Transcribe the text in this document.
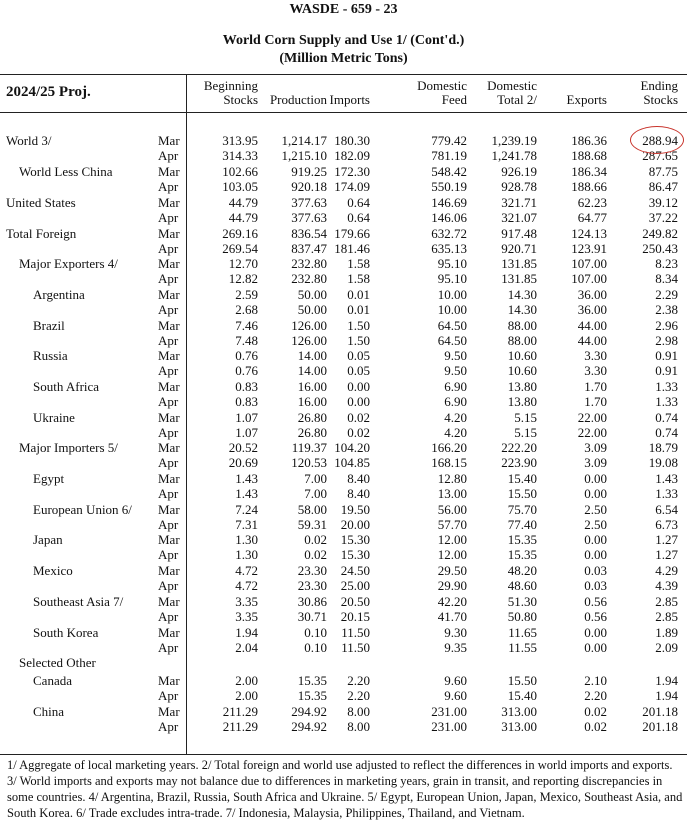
WASDE - 659 - 23
World Corn Supply and Use 1/ (Cont'd.)
(Million Metric Tons)
2024/25 Proj.	Beginning
Stocks Production Imports
Domestic
Feed
Domestic
Total 2/ Exports
Ending
Stocks
World 3/	Mar	313.95 1,214.17 180.30	779.42 1,239.19	186.36	288.94
Apr	314.33 1,215.10 182.09	781.19 1,241.78	188.68	287.65
World Less China	Mar	102.66	919.25 172.30	548.42	926.19	186.34	87.75
Apr	103.05	920.18 174.09	550.19	928.78	188.66	86.47
United States	Mar	44.79	377.63 0.64	146.69	321.71	62.23	39.12
Apr	44.79	377.63 0.64	146.06	321.07	64.77	37.22
Total Foreign	Mar	269.16	836.54 179.66	632.72	917.48	124.13	249.82
Apr	269.54	837.47 181.46	635.13	920.71	123.91	250.43
Major Exporters 4/	Mar	12.70	232.80 1.58	95.10	131.85	107.00	8.23
Apr	12.82	232.80 1.58	95.10	131.85	107.00	8.34
Argentina	Mar	2.59	50.00 0.01	10.00	14.30	36.00	2.29
Apr	2.68	50.00 0.01	10.00	14.30	36.00	2.38
Brazil	Mar	7.46	126.00 1.50	64.50	88.00	44.00	2.96
Apr	7.48	126.00 1.50	64.50	88.00	44.00	2.98
Russia	Mar	0.76	14.00 0.05	9.50	10.60	3.30	0.91
Apr	0.76	14.00 0.05	9.50	10.60	3.30	0.91
South Africa	Mar	0.83	16.00 0.00	6.90	13.80	1.70	1.33
Apr	0.83	16.00 0.00	6.90	13.80	1.70	1.33
Ukraine	Mar	1.07	26.80 0.02	4.20	5.15	22.00	0.74
Apr	1.07	26.80 0.02	4.20	5.15	22.00	0.74
Major Importers 5/	Mar	20.52	119.37 104.20	166.20	222.20	3.09	18.79
Apr	20.69	120.53 104.85	168.15	223.90	3.09	19.08
Egypt	Mar	1.43	7.00 8.40	12.80	15.40	0.00	1.43
Apr	1.43	7.00 8.40	13.00	15.50	0.00	1.33
European Union 6/ Mar	7.24	58.00 19.50	56.00	75.70	2.50	6.54
Apr	7.31	59.31 20.00	57.70	77.40	2.50	6.73
Japan	Mar	1.30	0.02 15.30	12.00	15.35	0.00	1.27
Apr	1.30	0.02 15.30	12.00	15.35	0.00	1.27
Mexico	Mar	4.72	23.30 24.50	29.50	48.20	0.03	4.29
Apr	4.72	23.30 25.00	29.90	48.60	0.03	4.39
Southeast Asia 7/	Mar	3.35	30.86 20.50	42.20	51.30	0.56	2.85
Apr	3.35	30.71 20.15	41.70	50.80	0.56	2.85
South Korea	Mar	1.94	0.10 11.50	9.30	11.65	0.00	1.89
Apr	2.04	0.10 11.50	9.35	11.55	0.00	2.09
Selected Other
Canada	Mar	2.00	15.35 2.20	9.60	15.50	2.10	1.94
Apr	2.00	15.35 2.20	9.60	15.40	2.20	1.94
China	Mar	211.29	294.92 8.00	231.00	313.00	0.02	201.18
Apr	211.29	294.92 8.00	231.00	313.00	0.02	201.18
1/ Aggregate of local marketing years. 2/ Total foreign and world use adjusted to reflect the differences in world imports and exports. 3/ World imports and exports may not balance due to differences in marketing years, grain in transit, and reporting discrepancies in some countries. 4/ Argentina, Brazil, Russia, South Africa and Ukraine. 5/ Egypt, European Union, Japan, Mexico, Southeast Asia, and South Korea. 6/ Trade excludes intra-trade. 7/ Indonesia, Malaysia, Philippines, Thailand, and Vietnam.
